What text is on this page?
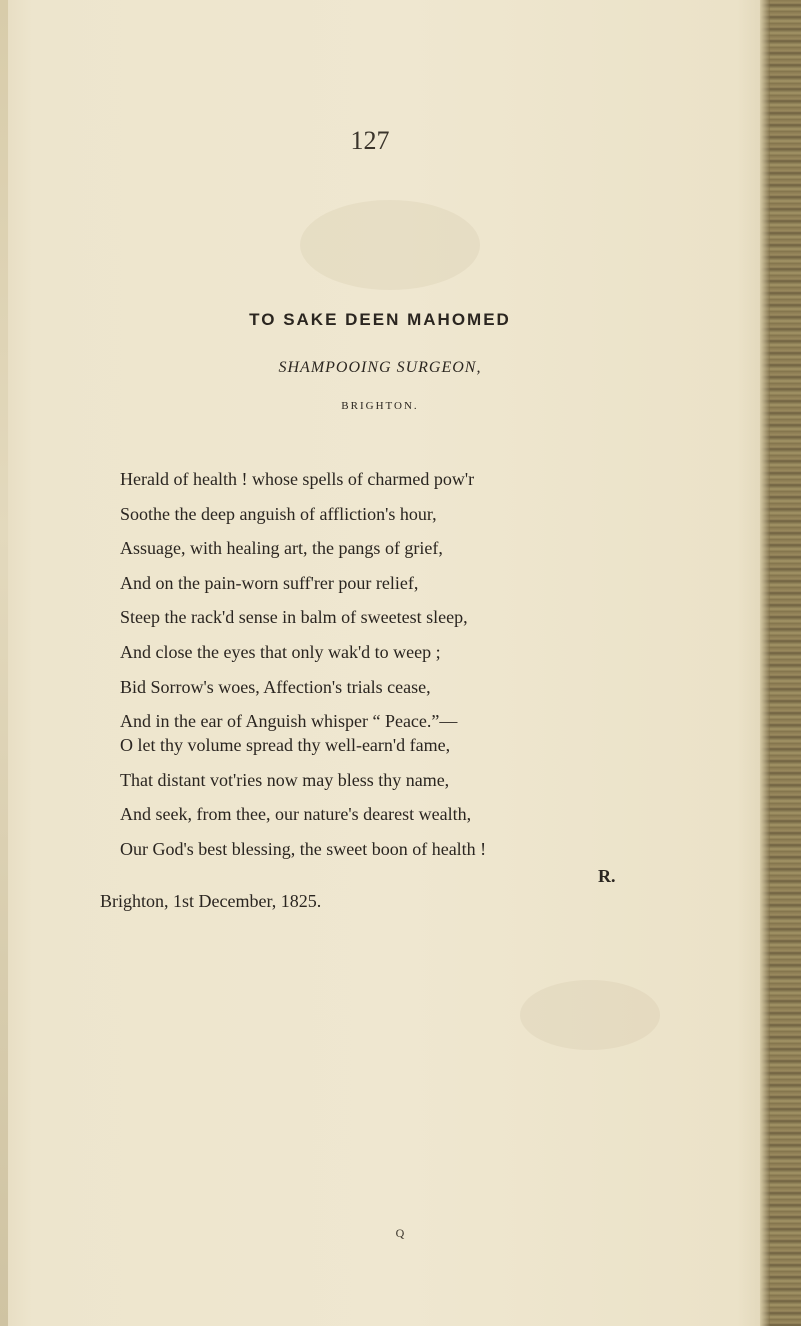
127
TO SAKE DEEN MAHOMED
SHAMPOOING SURGEON,
BRIGHTON.
Herald of health ! whose spells of charmed pow'r
Soothe the deep anguish of affliction's hour,
Assuage, with healing art, the pangs of grief,
And on the pain-worn suff'rer pour relief,
Steep the rack'd sense in balm of sweetest sleep,
And close the eyes that only wak'd to weep ;
Bid Sorrow's woes, Affection's trials cease,
And in the ear of Anguish whisper “ Peace.”—
O let thy volume spread thy well-earn'd fame,
That distant vot'ries now may bless thy name,
And seek, from thee, our nature's dearest wealth,
Our God's best blessing, the sweet boon of health !
R.
Brighton, 1st December, 1825.
Q
